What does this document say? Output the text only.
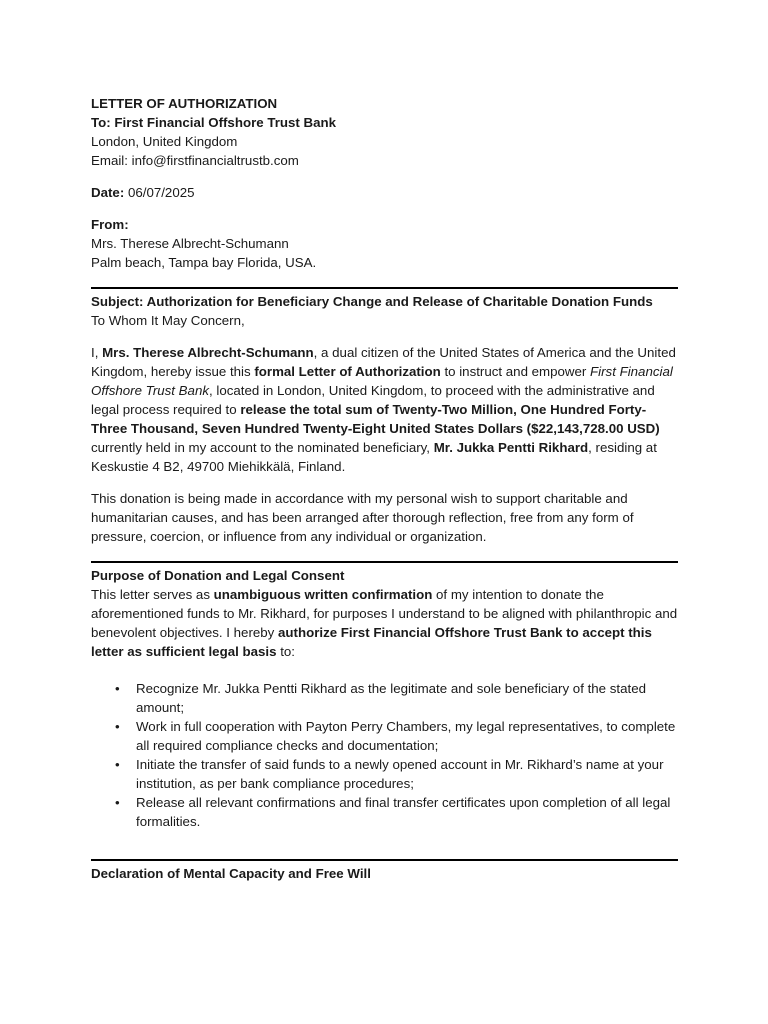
LETTER OF AUTHORIZATION
To: First Financial Offshore Trust Bank
London, United Kingdom
Email: info@firstfinancialtrustb.com
Date: 06/07/2025
From:
Mrs. Therese Albrecht-Schumann
Palm beach, Tampa bay Florida, USA.
Subject: Authorization for Beneficiary Change and Release of Charitable Donation Funds
To Whom It May Concern,

I, Mrs. Therese Albrecht-Schumann, a dual citizen of the United States of America and the United Kingdom, hereby issue this formal Letter of Authorization to instruct and empower First Financial Offshore Trust Bank, located in London, United Kingdom, to proceed with the administrative and legal process required to release the total sum of Twenty-Two Million, One Hundred Forty-Three Thousand, Seven Hundred Twenty-Eight United States Dollars ($22,143,728.00 USD) currently held in my account to the nominated beneficiary, Mr. Jukka Pentti Rikhard, residing at Keskustie 4 B2, 49700 Miehikkälä, Finland.

This donation is being made in accordance with my personal wish to support charitable and humanitarian causes, and has been arranged after thorough reflection, free from any form of pressure, coercion, or influence from any individual or organization.

Purpose of Donation and Legal Consent

This letter serves as unambiguous written confirmation of my intention to donate the aforementioned funds to Mr. Rikhard, for purposes I understand to be aligned with philanthropic and benevolent objectives. I hereby authorize First Financial Offshore Trust Bank to accept this letter as sufficient legal basis to:

• Recognize Mr. Jukka Pentti Rikhard as the legitimate and sole beneficiary of the stated amount;
• Work in full cooperation with Payton Perry Chambers, my legal representatives, to complete all required compliance checks and documentation;
• Initiate the transfer of said funds to a newly opened account in Mr. Rikhard’s name at your institution, as per bank compliance procedures;
• Release all relevant confirmations and final transfer certificates upon completion of all legal formalities.
Declaration of Mental Capacity and Free Will
